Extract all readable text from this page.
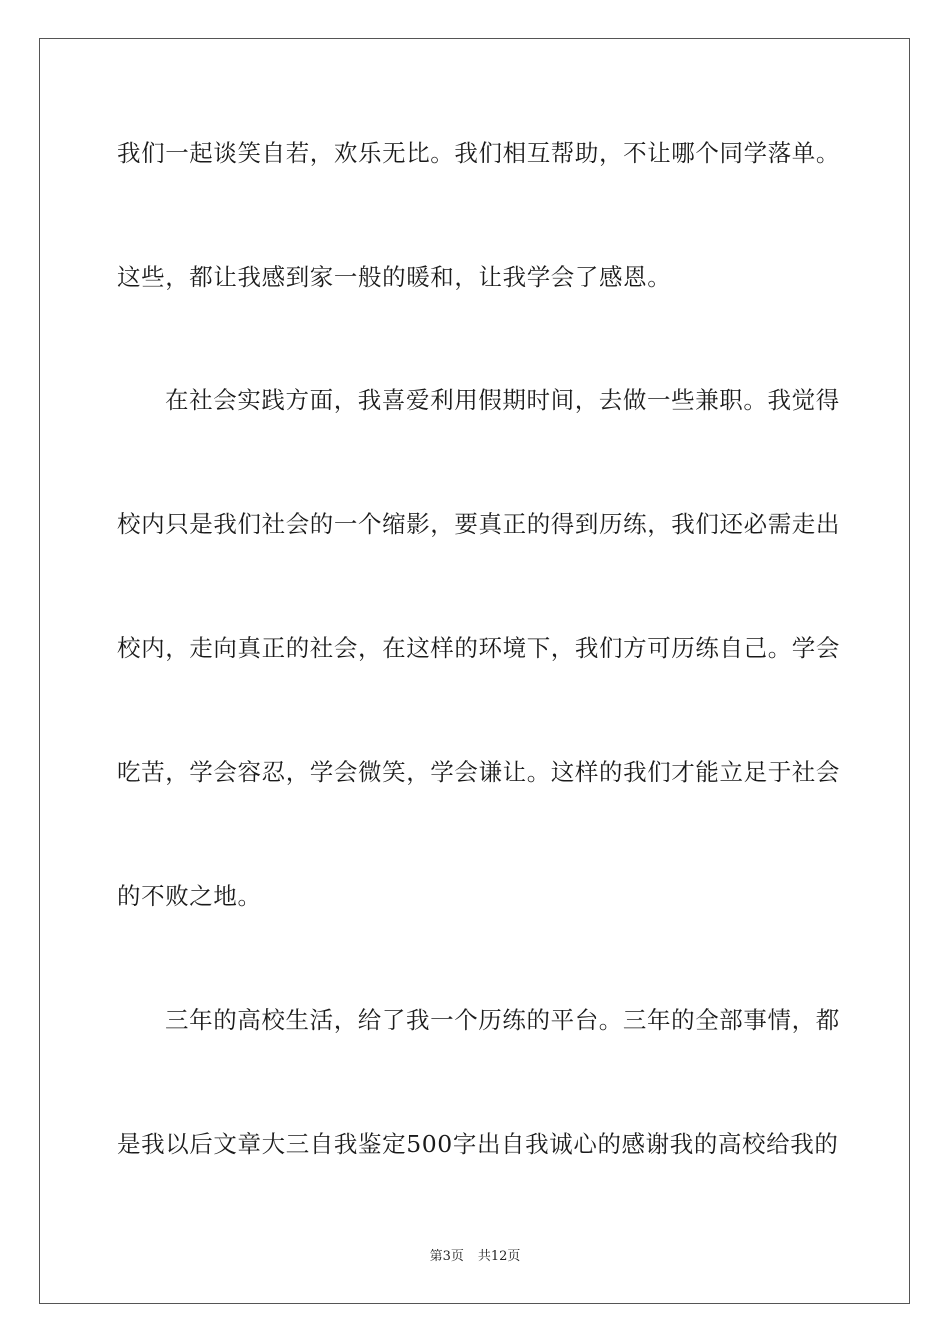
我们一起谈笑自若，欢乐无比。我们相互帮助，不让哪个同学落单。
这些，都让我感到家一般的暖和，让我学会了感恩。
在社会实践方面，我喜爱利用假期时间，去做一些兼职。我觉得
校内只是我们社会的一个缩影，要真正的得到历练，我们还必需走出
校内，走向真正的社会，在这样的环境下，我们方可历练自己。学会
吃苦，学会容忍，学会微笑，学会谦让。这样的我们才能立足于社会
的不败之地。
三年的高校生活，给了我一个历练的平台。三年的全部事情，都
是我以后文章大三自我鉴定500字出自我诚心的感谢我的高校给我的
第3页 共12页
